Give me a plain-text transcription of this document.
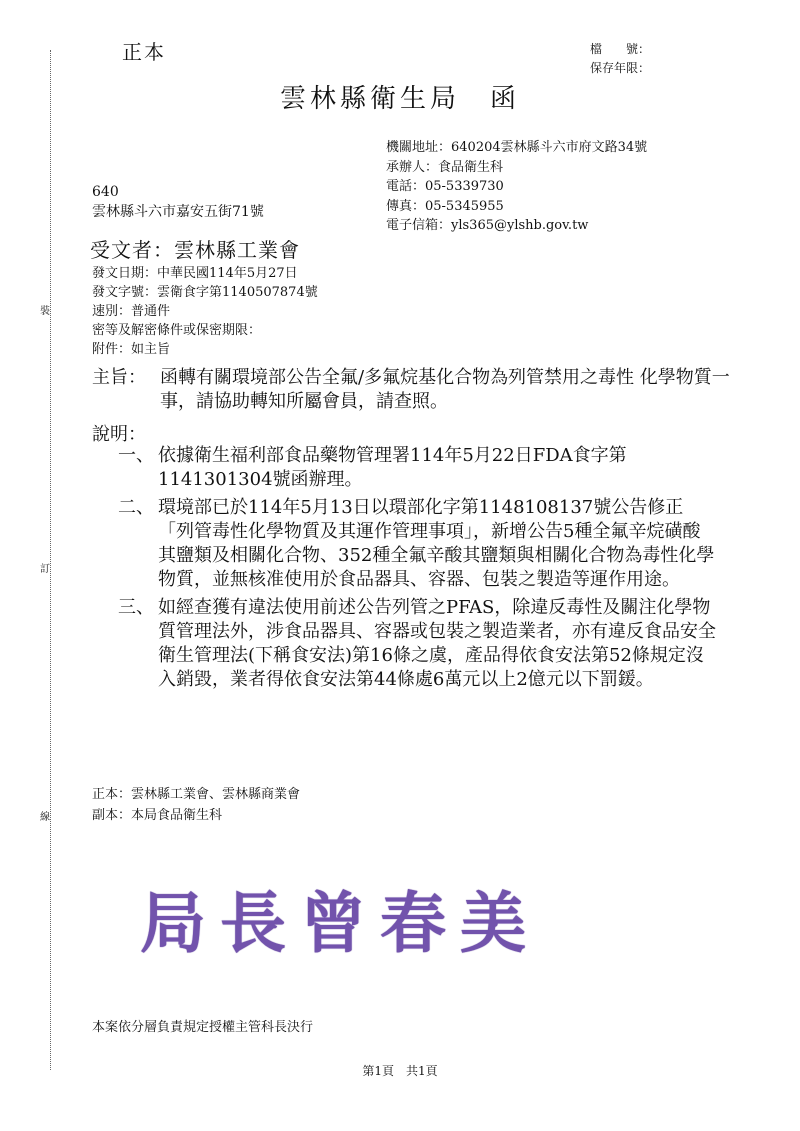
裝
訂
線
正本	檔　　號：
保存年限：
雲林縣衛生局　函
機關地址：640204雲林縣斗六市府文路34號
承辦人：食品衛生科
電話：05-5339730
傳真：05-5345955
電子信箱：yls365@ylshb.gov.tw
640
雲林縣斗六市嘉安五街71號
受文者：雲林縣工業會
發文日期：中華民國114年5月27日
發文字號：雲衛食字第1140507874號
速別：普通件
密等及解密條件或保密期限：
附件：如主旨
主旨： 函轉有關環境部公告全氟/多氟烷基化合物為列管禁用之毒性 化學物質一事，請協助轉知所屬會員，請查照。
說明：
一、 依據衛生福利部食品藥物管理署114年5月22日FDA食字第1141301304號函辦理。
二、 環境部已於114年5月13日以環部化字第1148108137號公告修正「列管毒性化學物質及其運作管理事項」，新增公告5種全氟辛烷磺酸其鹽類及相關化合物、352種全氟辛酸其鹽類與相關化合物為毒性化學物質，並無核准使用於食品器具、容器、包裝之製造等運作用途。
三、 如經查獲有違法使用前述公告列管之PFAS，除違反毒性及關注化學物質管理法外，涉食品器具、容器或包裝之製造業者，亦有違反食品安全衛生管理法(下稱食安法)第16條之虞，產品得依食安法第52條規定沒入銷毀，業者得依食安法第44條處6萬元以上2億元以下罰鍰。
正本：雲林縣工業會、雲林縣商業會
副本：本局食品衛生科
局長曾春美
本案依分層負責規定授權主管科長決行
第1頁　共1頁
